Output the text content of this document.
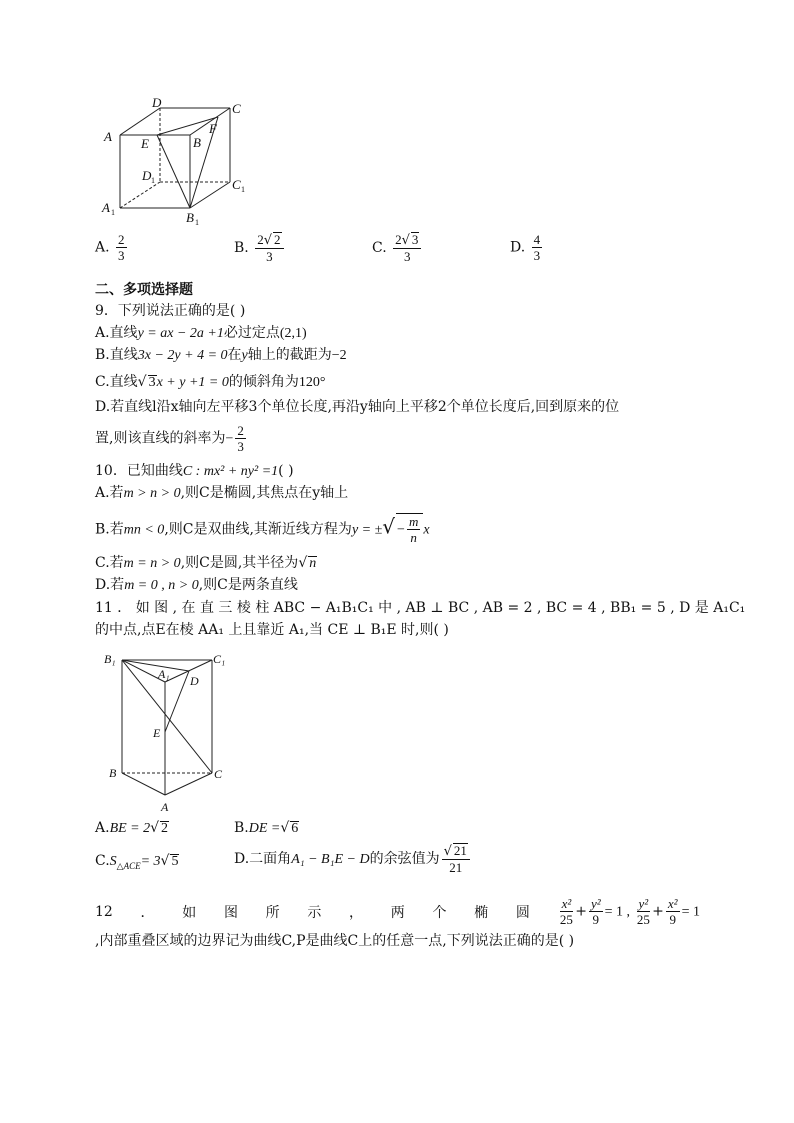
D	C
A E	B
F
D 1	C 1
A 1	B 1
A. $\frac{2}{3}$	B. $\frac{2√ 2}{3}$	C. $\frac{2√ 3}{3}$	D. $\frac{4}{3}$
二、多项选择题
9．下列说法正确的是( )
A.直线y = ax − 2a +1必过定点(2,1)
B.直线3x − 2y + 4 = 0在y轴上的截距为−2
C.直线√ 3x + y +1 = 0的倾斜角为120°
D.若直线l沿x轴向左平移3个单位长度,再沿y轴向上平移2个单位长度后,回到原来的位
置,则该直线的斜率为− $\frac{2}{3}$
10．已知曲线C : mx² + ny² =1( )
A.若m > n > 0,则C是椭圆,其焦点在y轴上
B.若mn < 0,则C是双曲线,其渐近线方程为y = ±√ − $\frac{m}{n}$ x
C.若m = n > 0,则C是圆,其半径为√ n
D.若m = 0 , n > 0,则C是两条直线
11 ． 如 图 , 在 直 三 棱 柱 ABC − A₁B₁C₁ 中 , AB ⊥ BC , AB = 2 , BC = 4 , BB₁ = 5 , D 是 A₁C₁
的中点,点E在棱 AA₁ 上且靠近 A₁,当 CE ⊥ B₁E 时,则( )
B₁	C₁
A₁ D
E
B	C
A
A.BE = 2√ 2	B.DE =√ 6
$C.S_{\triangle ACE}= 3√$ 5	D.二面角A₁ − B₁E − D的余弦值为 $\frac{√ 21}{21}$
12 ． 如 图 所 示 ， 两 个 椭 圆 $\frac{\text{x²}}{25} + \frac{\text{y²}}{9} = 1$ , $\frac{\text{y²}}{25} + \frac{\text{x²}}{9} = 1$
,内部重叠区域的边界记为曲线C,P是曲线C上的任意一点,下列说法正确的是( )
